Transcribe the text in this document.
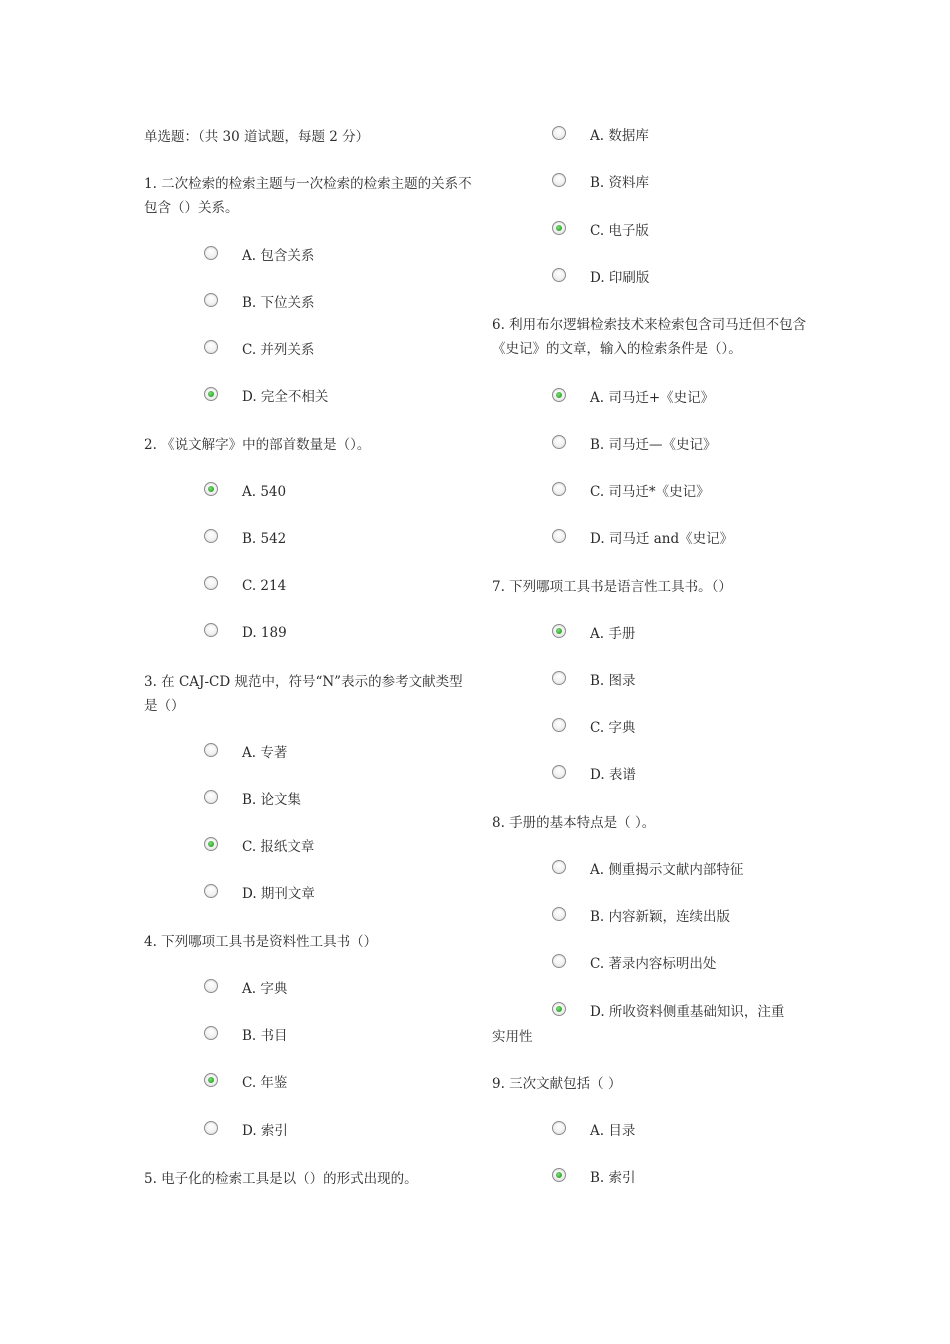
单选题：（共 30 道试题，每题 2 分）
1. 二次检索的检索主题与一次检索的检索主题的关系不包含（）关系。
A. 包含关系
B. 下位关系
C. 并列关系
D. 完全不相关
2. 《说文解字》中的部首数量是（）。
A. 540
B. 542
C. 214
D. 189
3. 在 CAJ-CD 规范中，符号“N”表示的参考文献类型是（）
A. 专著
B. 论文集
C. 报纸文章
D. 期刊文章
4. 下列哪项工具书是资料性工具书（）
A. 字典
B. 书目
C. 年鉴
D. 索引
5. 电子化的检索工具是以（）的形式出现的。
A. 数据库
B. 资料库
C. 电子版
D. 印刷版
6. 利用布尔逻辑检索技术来检索包含司马迁但不包含《史记》的文章，输入的检索条件是（）。
A. 司马迁+《史记》
B. 司马迁—《史记》
C. 司马迁*《史记》
D. 司马迁 and《史记》
7. 下列哪项工具书是语言性工具书。（）
A. 手册
B. 图录
C. 字典
D. 表谱
8. 手册的基本特点是（ ）。
A. 侧重揭示文献内部特征
B. 内容新颖，连续出版
C. 著录内容标明出处
D. 所收资料侧重基础知识，注重
实用性
9. 三次文献包括（ ）
A. 目录
B. 索引
